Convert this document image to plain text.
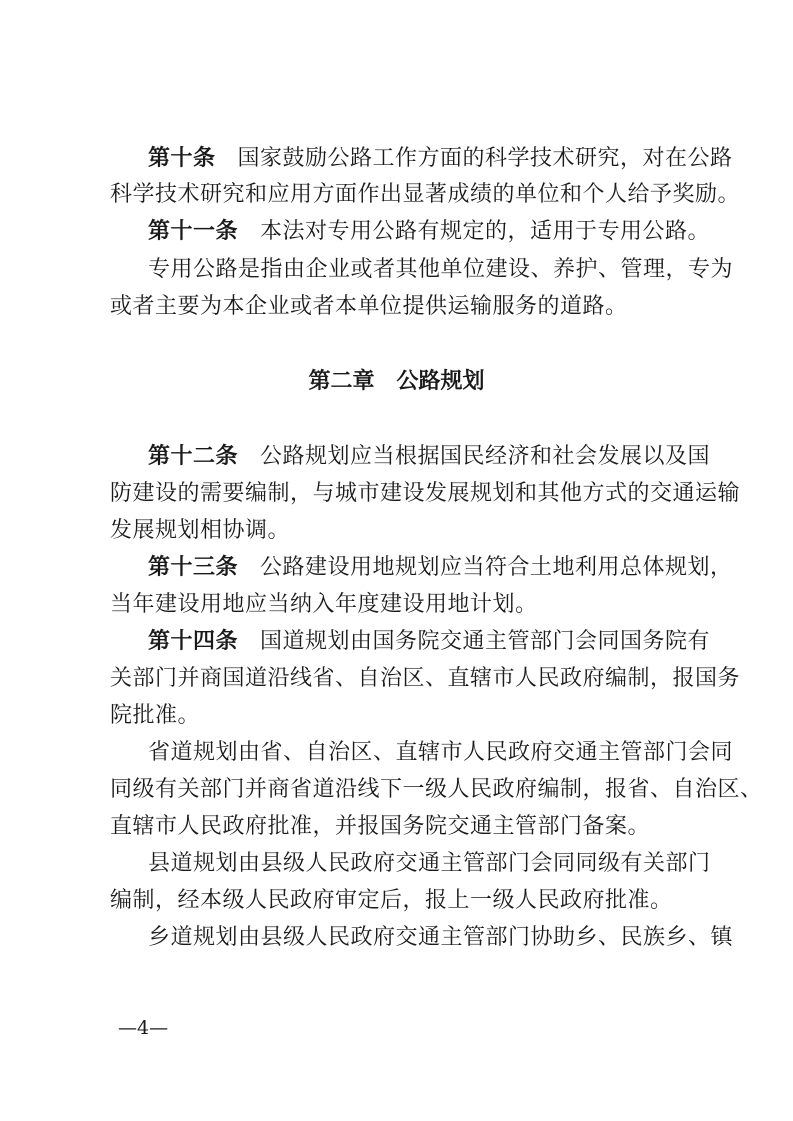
第十条 国家鼓励公路工作方面的科学技术研究，对在公路
科学技术研究和应用方面作出显著成绩的单位和个人给予奖励。
第十一条 本法对专用公路有规定的，适用于专用公路。
专用公路是指由企业或者其他单位建设、养护、管理，专为
或者主要为本企业或者本单位提供运输服务的道路。
第二章 公路规划
第十二条 公路规划应当根据国民经济和社会发展以及国
防建设的需要编制，与城市建设发展规划和其他方式的交通运输
发展规划相协调。
第十三条 公路建设用地规划应当符合土地利用总体规划，
当年建设用地应当纳入年度建设用地计划。
第十四条 国道规划由国务院交通主管部门会同国务院有
关部门并商国道沿线省、自治区、直辖市人民政府编制，报国务
院批准。
省道规划由省、自治区、直辖市人民政府交通主管部门会同
同级有关部门并商省道沿线下一级人民政府编制，报省、自治区、
直辖市人民政府批准，并报国务院交通主管部门备案。
县道规划由县级人民政府交通主管部门会同同级有关部门
编制，经本级人民政府审定后，报上一级人民政府批准。
乡道规划由县级人民政府交通主管部门协助乡、民族乡、镇
—4—
